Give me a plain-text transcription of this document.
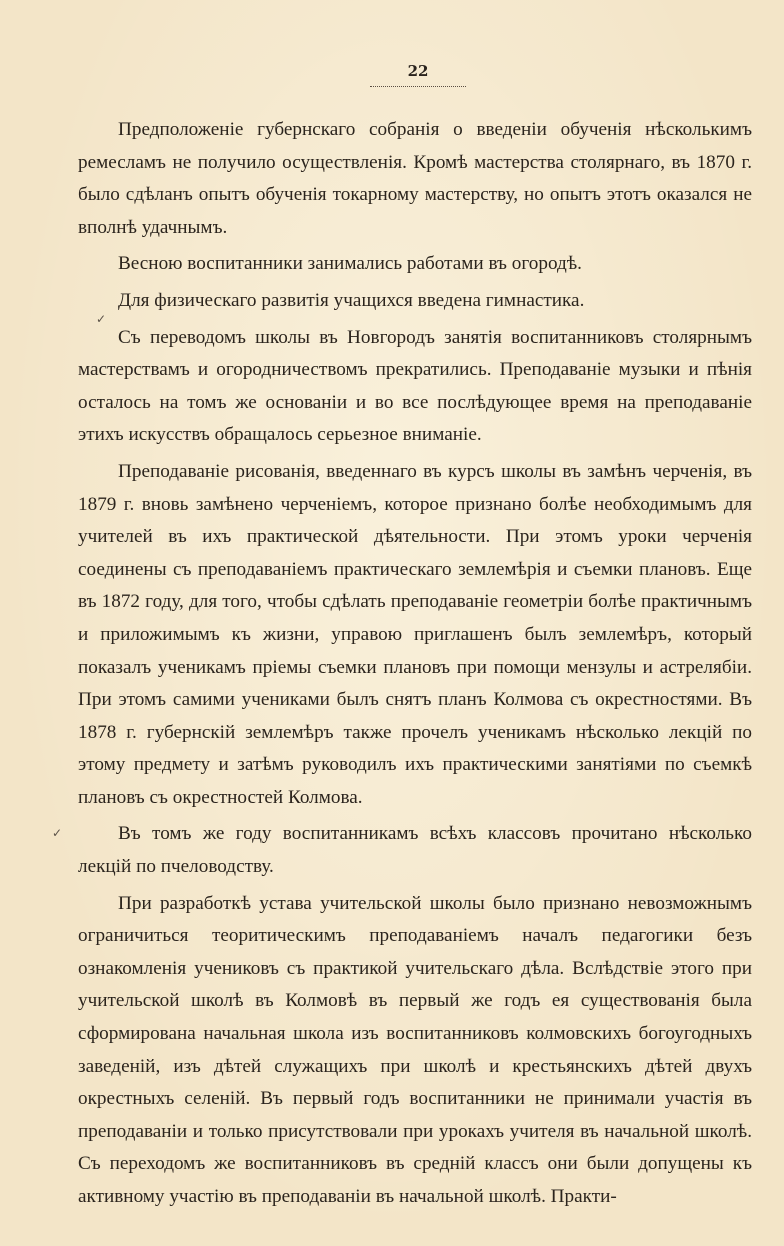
22

Предположеніе губернскаго собранія о введеніи обученія нѣсколькимъ ремесламъ не получило осуществленія. Кромѣ мастерства столярнаго, въ 1870 г. было сдѣланъ опытъ обученія токарному мастерству, но опытъ этотъ оказался не вполнѣ удачнымъ.

Весною воспитанники занимались работами въ огородѣ.

Для физическаго развитія учащихся введена гимнастика.

Съ переводомъ школы въ Новгородъ занятія воспитанниковъ столярнымъ мастерствамъ и огородничествомъ прекратились. Преподаваніе музыки и пѣнія осталось на томъ же основаніи и во все послѣдующее время на преподаваніе этихъ искусствъ обращалось серьезное вниманіе.

Преподаваніе рисованія, введеннаго въ курсъ школы въ замѣнъ черченія, въ 1879 г. вновь замѣнено черченіемъ, которое признано болѣе необходимымъ для учителей въ ихъ практической дѣятельности. При этомъ уроки черченія соединены съ преподаваніемъ практическаго землемѣрія и съемки плановъ. Еще въ 1872 году, для того, чтобы сдѣлать преподаваніе геометріи болѣе практичнымъ и приложимымъ къ жизни, управою приглашенъ былъ землемѣръ, который показалъ ученикамъ пріемы съемки плановъ при помощи мензулы и астрелябіи. При этомъ самими учениками былъ снятъ планъ Колмова съ окрестностями. Въ 1878 г. губернскій землемѣръ также прочелъ ученикамъ нѣсколько лекцій по этому предмету и затѣмъ руководилъ ихъ практическими занятіями по съемкѣ плановъ съ окрестностей Колмова.

Въ томъ же году воспитанникамъ всѣхъ классовъ прочитано нѣсколько лекцій по пчеловодству.

При разработкѣ устава учительской школы было признано невозможнымъ ограничиться теоритическимъ преподаваніемъ началъ педагогики безъ ознакомленія учениковъ съ практикой учительскаго дѣла. Вслѣдствіе этого при учительской школѣ въ Колмовѣ въ первый же годъ ея существованія была сформирована начальная школа изъ воспитанниковъ колмовскихъ богоугодныхъ заведеній, изъ дѣтей служащихъ при школѣ и крестьянскихъ дѣтей двухъ окрестныхъ селеній. Въ первый годъ воспитанники не принимали участія въ преподаваніи и только присутствовали при урокахъ учителя въ начальной школѣ. Съ переходомъ же воспитанниковъ въ средній классъ они были допущены къ активному участію въ преподаваніи въ начальной школѣ. Практи-

✓
✓
